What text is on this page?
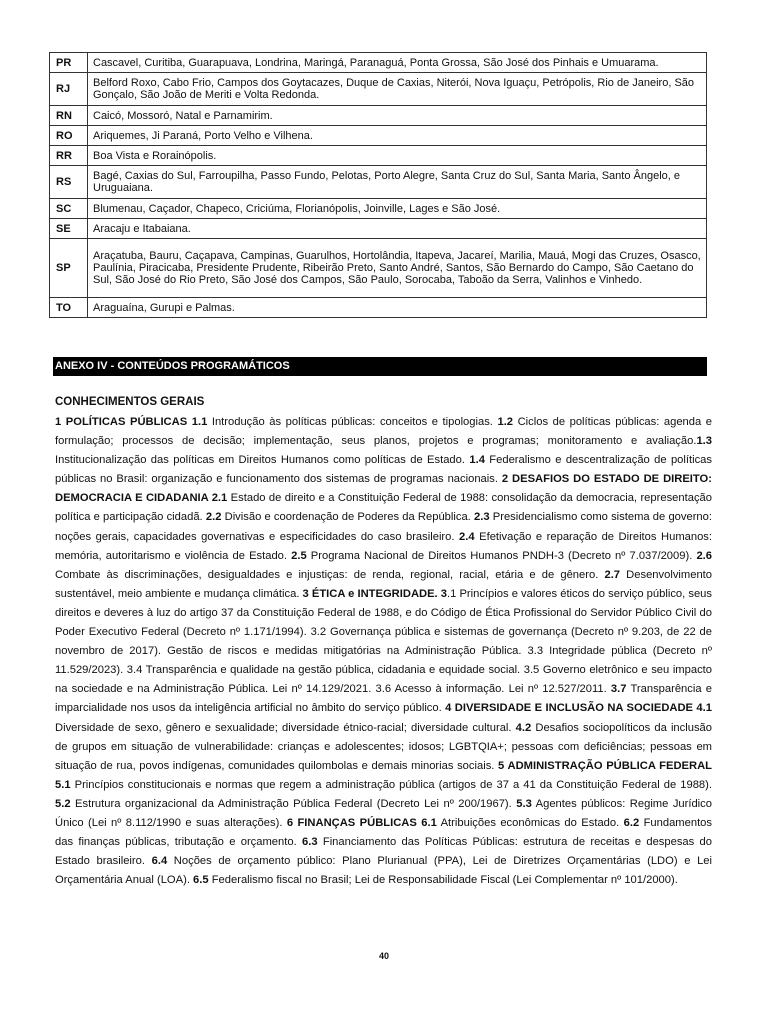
PR	Cascavel, Curitiba, Guarapuava, Londrina, Maringá, Paranaguá, Ponta Grossa, São José dos Pinhais e Umuarama.
RJ	Belford Roxo, Cabo Frio, Campos dos Goytacazes, Duque de Caxias, Niterói, Nova Iguaçu, Petrópolis, Rio de Janeiro, São Gonçalo, São João de Meriti e Volta Redonda.
RN	Caicó, Mossoró, Natal e Parnamirim.
RO	Ariquemes, Ji Paraná, Porto Velho e Vilhena.
RR	Boa Vista e Rorainópolis.
RS	Bagé, Caxias do Sul, Farroupilha, Passo Fundo, Pelotas, Porto Alegre, Santa Cruz do Sul, Santa Maria, Santo Ângelo, e Uruguaiana.
SC	Blumenau, Caçador, Chapeco, Criciúma, Florianópolis, Joinville, Lages e São José.
SE	Aracaju e Itabaiana.
SP	Araçatuba, Bauru, Caçapava, Campinas, Guarulhos, Hortolândia, Itapeva, Jacareí, Marilia, Mauá, Mogi das Cruzes, Osasco, Paulínia, Piracicaba, Presidente Prudente, Ribeirão Preto, Santo André, Santos, São Bernardo do Campo, São Caetano do Sul, São José do Rio Preto, São José dos Campos, São Paulo, Sorocaba, Taboão da Serra, Valinhos e Vinhedo.
TO	Araguaína, Gurupi e Palmas.
ANEXO IV - CONTEÚDOS PROGRAMÁTICOS
CONHECIMENTOS GERAIS
1 POLÍTICAS PÚBLICAS 1.1 Introdução às políticas públicas: conceitos e tipologias. 1.2 Ciclos de políticas públicas: agenda e formulação; processos de decisão; implementação, seus planos, projetos e programas; monitoramento e avaliação.1.3 Institucionalização das políticas em Direitos Humanos como políticas de Estado. 1.4 Federalismo e descentralização de políticas públicas no Brasil: organização e funcionamento dos sistemas de programas nacionais. 2 DESAFIOS DO ESTADO DE DIREITO: DEMOCRACIA E CIDADANIA 2.1 Estado de direito e a Constituição Federal de 1988: consolidação da democracia, representação política e participação cidadã. 2.2 Divisão e coordenação de Poderes da República. 2.3 Presidencialismo como sistema de governo: noções gerais, capacidades governativas e especificidades do caso brasileiro. 2.4 Efetivação e reparação de Direitos Humanos: memória, autoritarismo e violência de Estado. 2.5 Programa Nacional de Direitos Humanos PNDH-3 (Decreto nº 7.037/2009). 2.6 Combate às discriminações, desigualdades e injustiças: de renda, regional, racial, etária e de gênero. 2.7 Desenvolvimento sustentável, meio ambiente e mudança climática. 3 ÉTICA e INTEGRIDADE. 3.1 Princípios e valores éticos do serviço público, seus direitos e deveres à luz do artigo 37 da Constituição Federal de 1988, e do Código de Ética Profissional do Servidor Público Civil do Poder Executivo Federal (Decreto nº 1.171/1994). 3.2 Governança pública e sistemas de governança (Decreto nº 9.203, de 22 de novembro de 2017). Gestão de riscos e medidas mitigatórias na Administração Pública. 3.3 Integridade pública (Decreto nº 11.529/2023). 3.4 Transparência e qualidade na gestão pública, cidadania e equidade social. 3.5 Governo eletrônico e seu impacto na sociedade e na Administração Pública. Lei nº 14.129/2021. 3.6 Acesso à informação. Lei nº 12.527/2011. 3.7 Transparência e imparcialidade nos usos da inteligência artificial no âmbito do serviço público. 4 DIVERSIDADE E INCLUSÃO NA SOCIEDADE 4.1 Diversidade de sexo, gênero e sexualidade; diversidade étnico-racial; diversidade cultural. 4.2 Desafios sociopolíticos da inclusão de grupos em situação de vulnerabilidade: crianças e adolescentes; idosos; LGBTQIA+; pessoas com deficiências; pessoas em situação de rua, povos indígenas, comunidades quilombolas e demais minorias sociais. 5 ADMINISTRAÇÃO PÚBLICA FEDERAL 5.1 Princípios constitucionais e normas que regem a administração pública (artigos de 37 a 41 da Constituição Federal de 1988). 5.2 Estrutura organizacional da Administração Pública Federal (Decreto Lei nº 200/1967). 5.3 Agentes públicos: Regime Jurídico Único (Lei nº 8.112/1990 e suas alterações). 6 FINANÇAS PÚBLICAS 6.1 Atribuições econômicas do Estado. 6.2 Fundamentos das finanças públicas, tributação e orçamento. 6.3 Financiamento das Políticas Públicas: estrutura de receitas e despesas do Estado brasileiro. 6.4 Noções de orçamento público: Plano Plurianual (PPA), Lei de Diretrizes Orçamentárias (LDO) e Lei Orçamentária Anual (LOA). 6.5 Federalismo fiscal no Brasil; Lei de Responsabilidade Fiscal (Lei Complementar nº 101/2000).
40
